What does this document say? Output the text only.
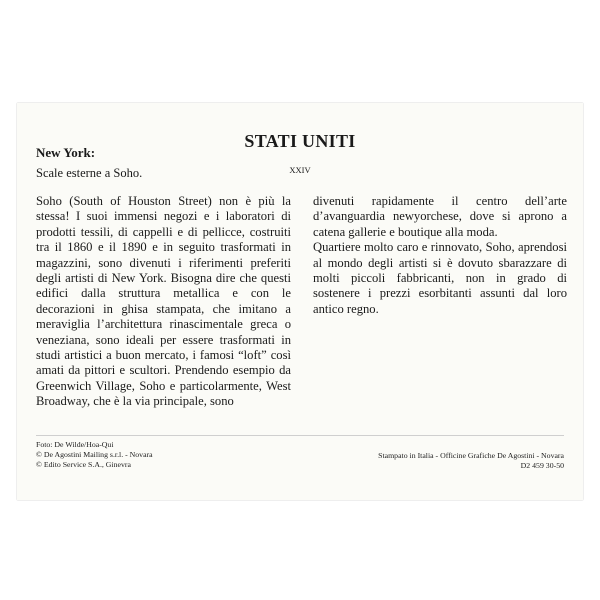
New York:
Scale esterne a Soho.
STATI UNITI
XXIV

Soho (South of Houston Street) non è più la stessa! I suoi immensi negozi e i laboratori di prodotti tessili, di cappelli e di pellicce, costruiti tra il 1860 e il 1890 e in seguito trasformati in magazzini, sono divenuti i riferimenti preferiti degli artisti di New York. Bisogna dire che questi edifici dalla struttura metallica e con le decorazioni in ghisa stampata, che imitano a meraviglia l’architettura rinascimentale greca o veneziana, sono ideali per essere trasformati in studi artistici a buon mercato, i famosi “loft” così amati da pittori e scultori. Prendendo esempio da Greenwich Village, Soho e particolarmente, West Broadway, che è la via principale, sono

divenuti rapidamente il centro dell’arte d’avanguardia newyorchese, dove si aprono a catena gallerie e boutique alla moda.

Quartiere molto caro e rinnovato, Soho, aprendosi al mondo degli artisti si è dovuto sbarazzare di molti piccoli fabbricanti, non in grado di sostenere i prezzi esorbitanti assunti dal loro antico regno.

Foto: De Wilde/Hoa-Qui
© De Agostini Mailing s.r.l. - Novara
© Edito Service S.A., Ginevra
Stampato in Italia - Officine Grafiche De Agostini - Novara
D2 459 30-50
